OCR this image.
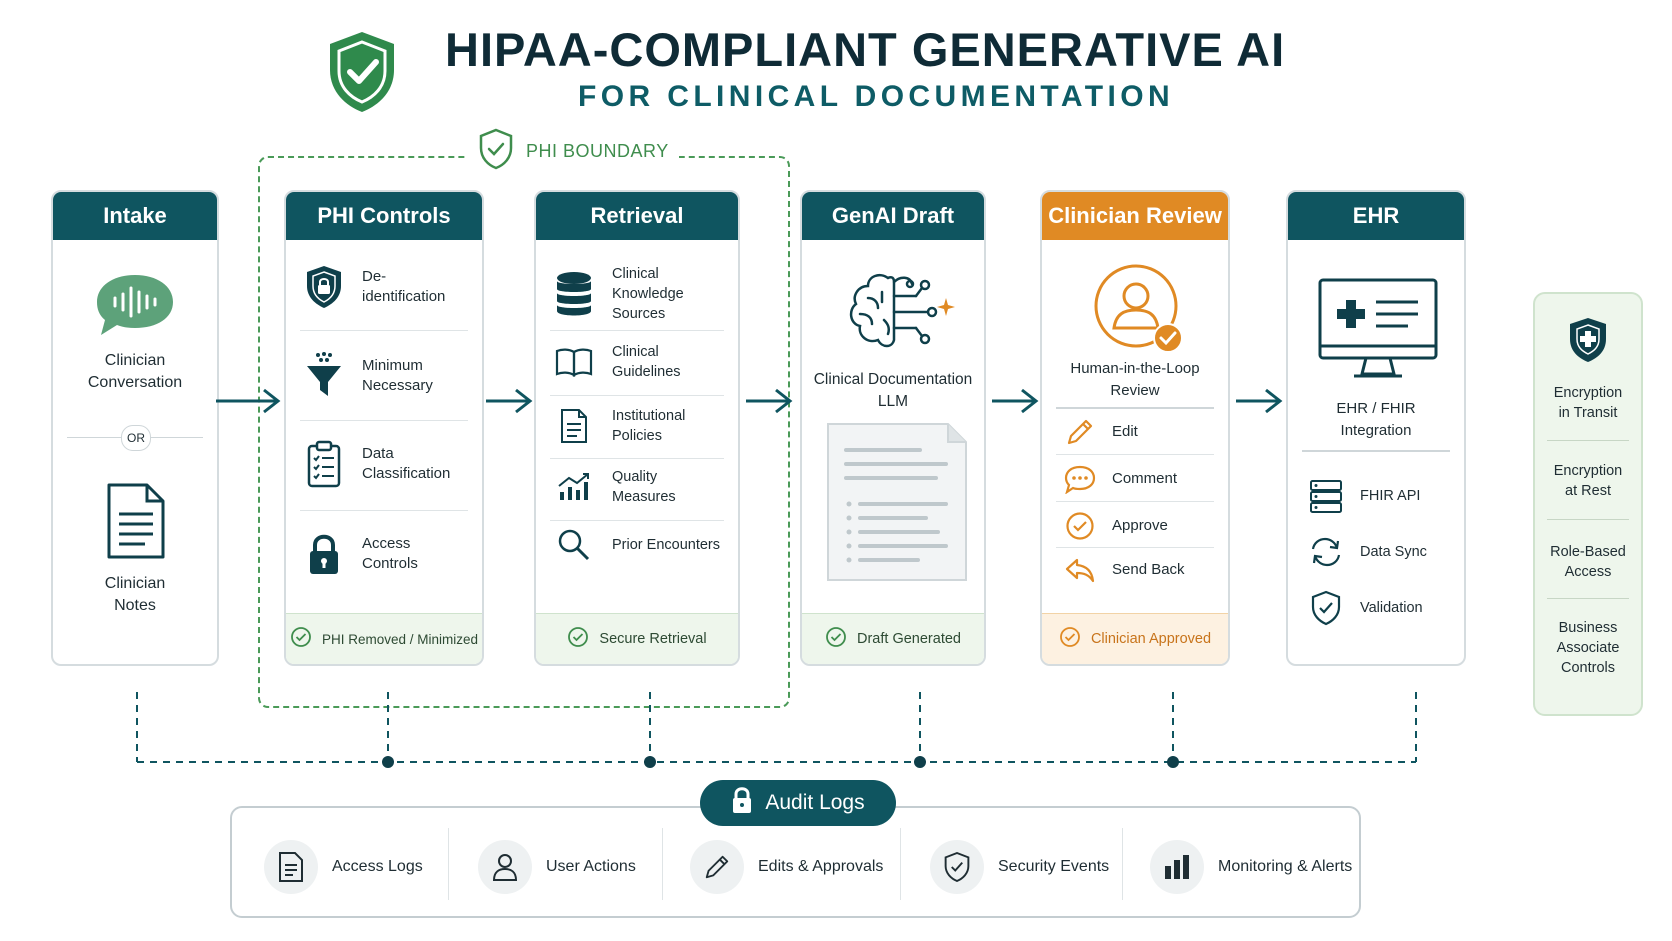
HIPAA-COMPLIANT GENERATIVE AI
FOR CLINICAL DOCUMENTATION
PHI BOUNDARY
Intake
Clinician
Conversation
OR
Clinician
Notes
PHI Controls
De-identification
Minimum
Necessary
Data
Classification
Access
Controls
PHI Removed / Minimized
Retrieval
Clinical Knowledge
Sources
Clinical Guidelines
Institutional Policies
Quality Measures
Prior Encounters
Secure Retrieval
GenAI Draft
Clinical Documentation
LLM
Draft Generated
Clinician Review
Human-in-the-Loop
Review
Edit
Comment
Approve
Send Back
Clinician Approved
EHR
EHR / FHIR
Integration
FHIR API
Data Sync
Validation
Encryption
in Transit
Encryption
at Rest
Role-Based
Access
Business
Associate
Controls
Access Logs	User Actions	Edits & Approvals	Security Events	Monitoring & Alerts
Audit Logs
